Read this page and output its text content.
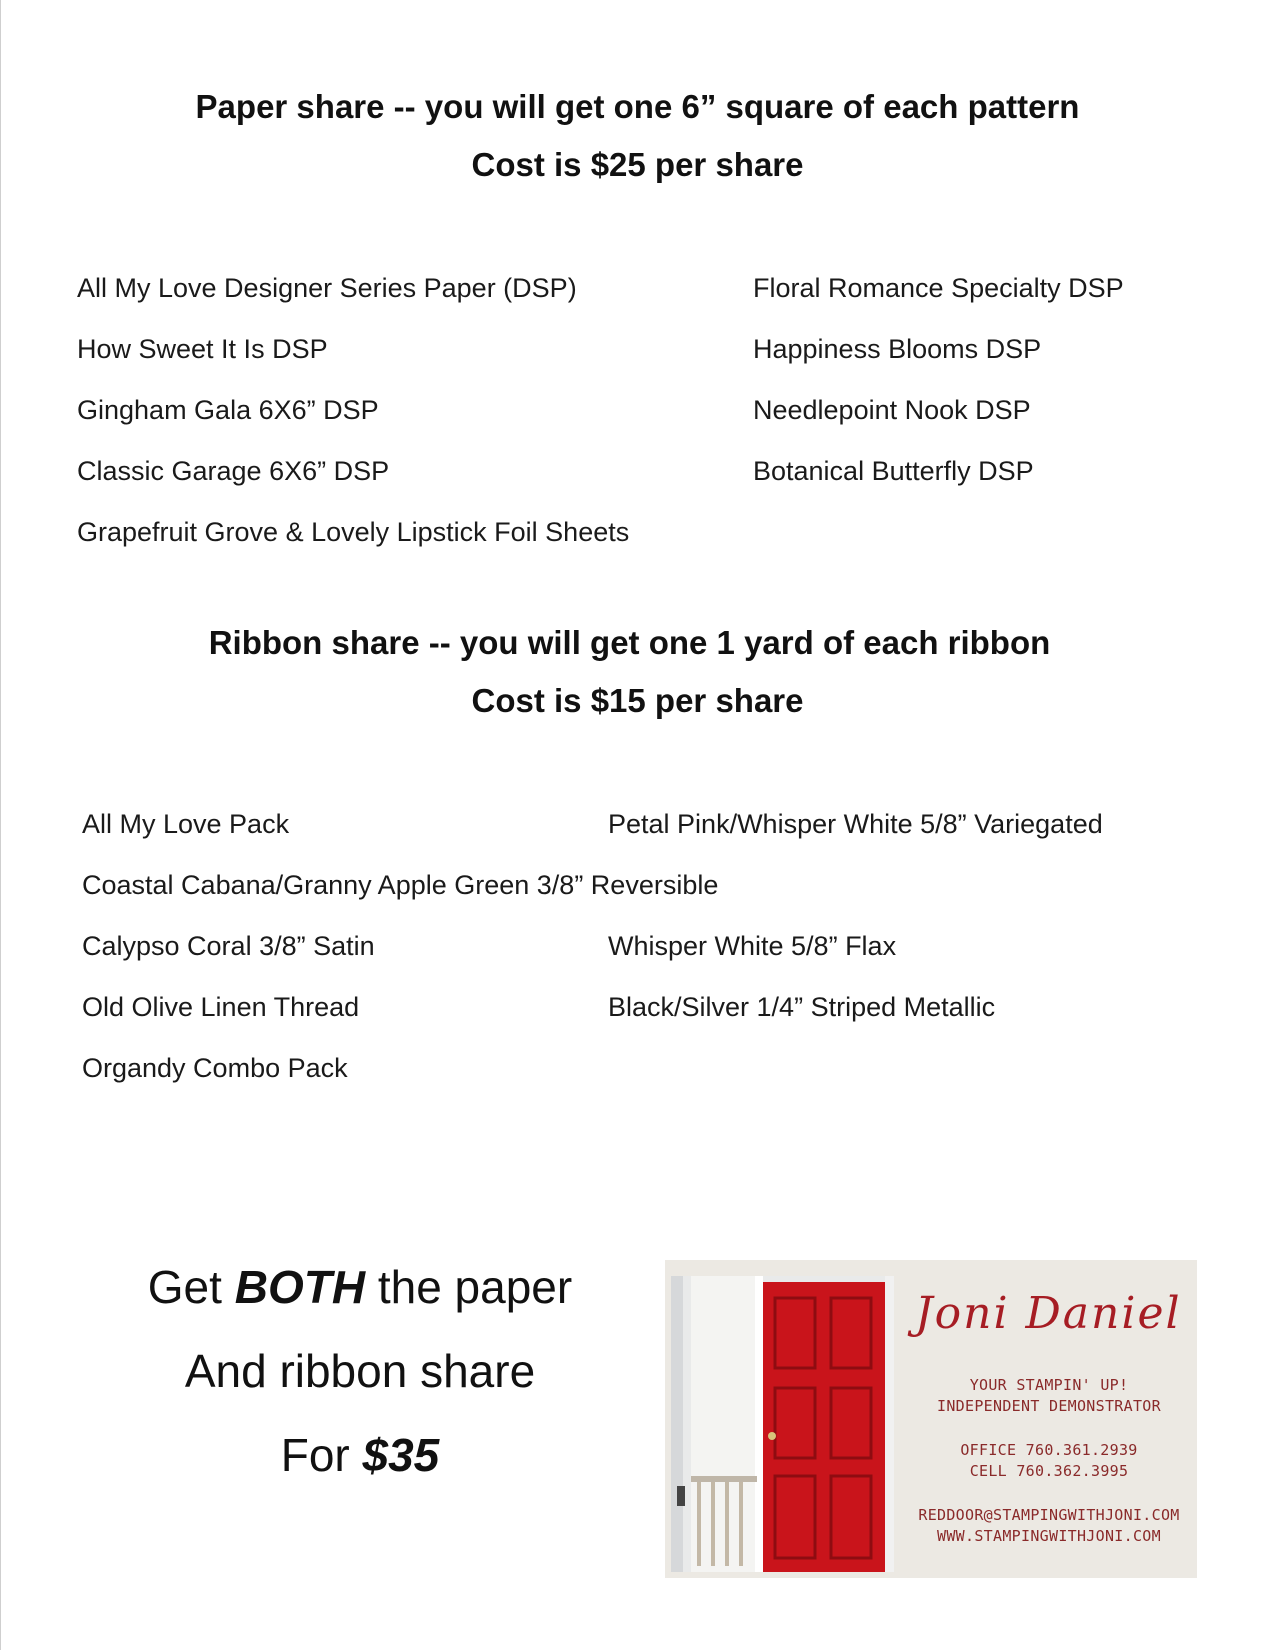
Paper share -- you will get one 6” square of each pattern
Cost is $25 per share
All My Love Designer Series Paper (DSP)
How Sweet It Is DSP
Gingham Gala 6X6” DSP
Classic Garage 6X6” DSP
Grapefruit Grove & Lovely Lipstick Foil Sheets
Floral Romance Specialty DSP
Happiness Blooms DSP
Needlepoint Nook DSP
Botanical Butterfly DSP
Ribbon share -- you will get one 1 yard of each ribbon
Cost is $15 per share
All My Love Pack
Coastal Cabana/Granny Apple Green 3/8” Reversible
Calypso Coral 3/8” Satin
Old Olive Linen Thread
Organdy Combo Pack
Petal Pink/Whisper White 5/8” Variegated
Whisper White 5/8” Flax
Black/Silver 1/4” Striped Metallic
Get BOTH the paper
And ribbon share
For $35
Joni Daniel
YOUR STAMPIN' UP!
INDEPENDENT DEMONSTRATOR
OFFICE 760.361.2939
CELL 760.362.3995
REDDOOR@STAMPINGWITHJONI.COM
WWW.STAMPINGWITHJONI.COM
